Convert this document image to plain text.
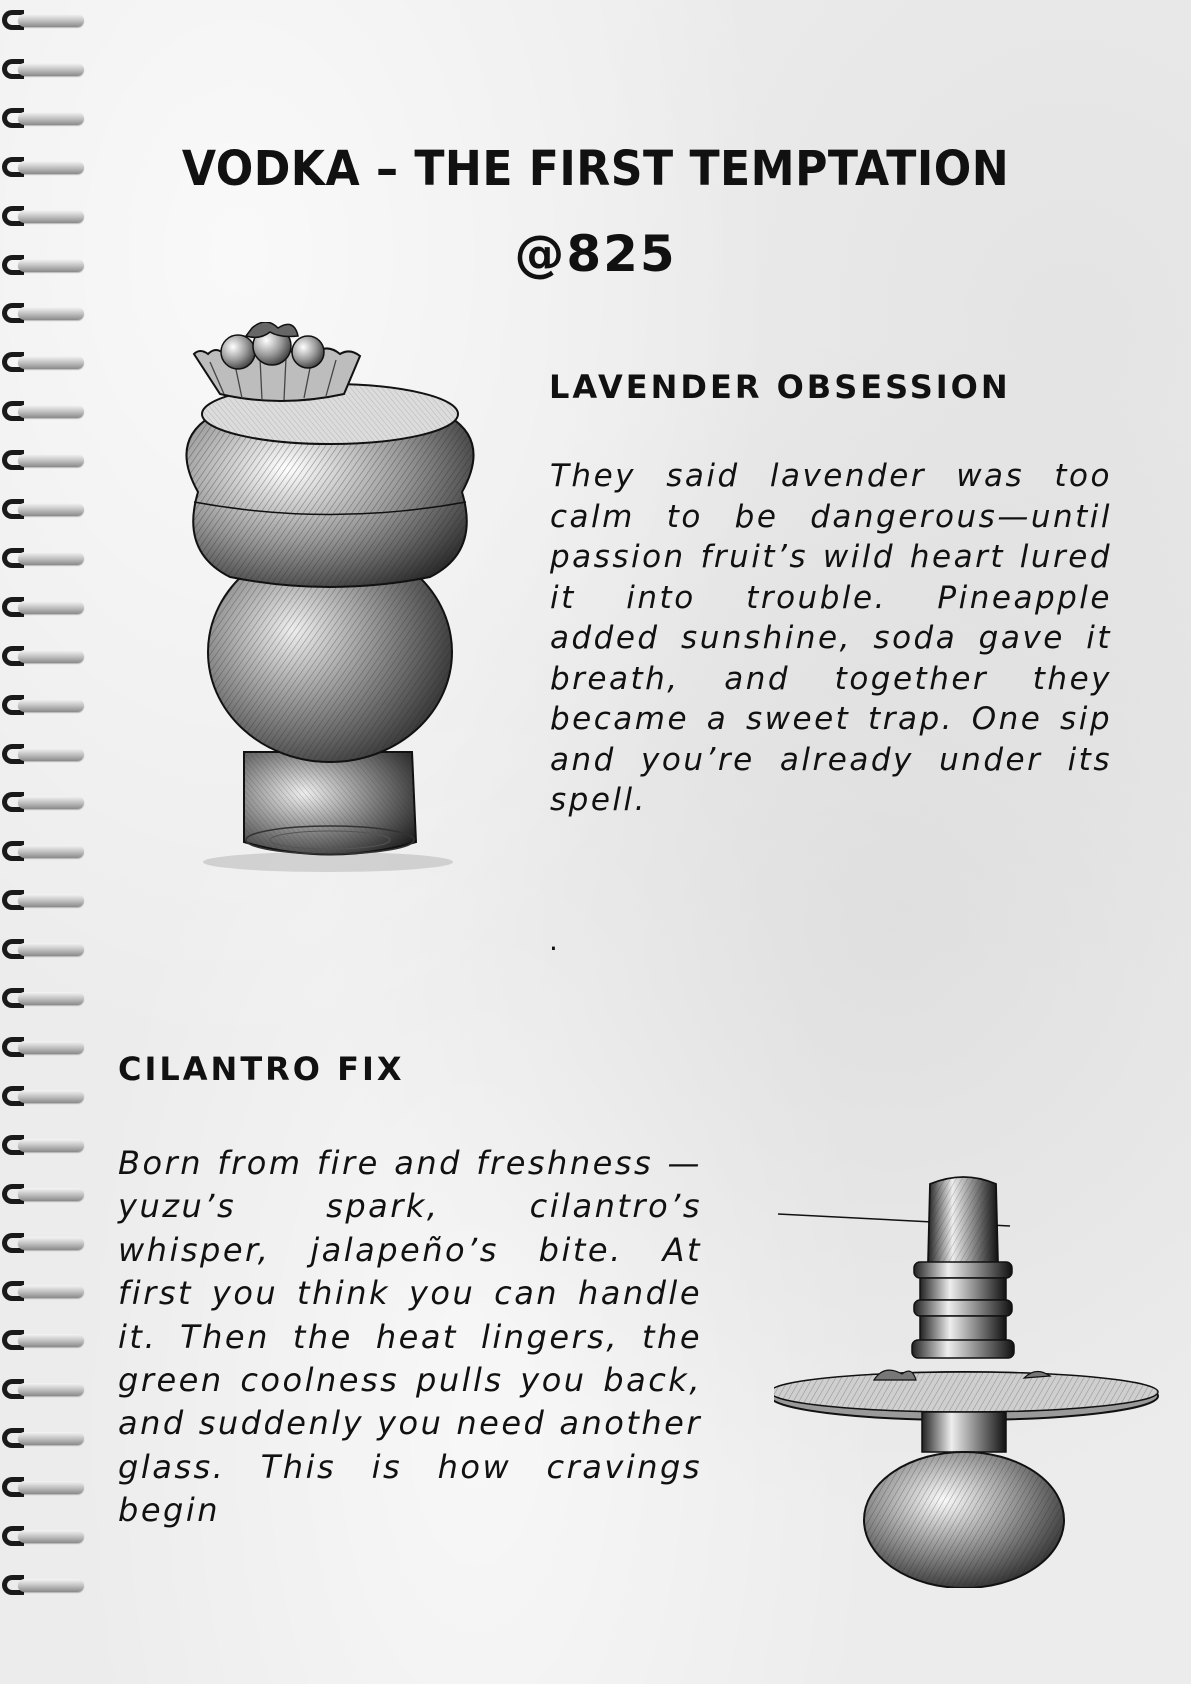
VODKA – THE FIRST TEMPTATION
@825
LAVENDER OBSESSION
They said lavender was too calm to be dangerous—until passion fruit’s wild heart lured it into trouble. Pineapple added sunshine, soda gave it breath, and together they became a sweet trap. One sip and you’re already under its spell.
.
CILANTRO FIX
Born from fire and freshness —yuzu’s spark, cilantro’s whisper, jalapeño’s bite. At first you think you can handle it. Then the heat lingers, the green coolness pulls you back, and suddenly you need another glass. This is how cravings begin
